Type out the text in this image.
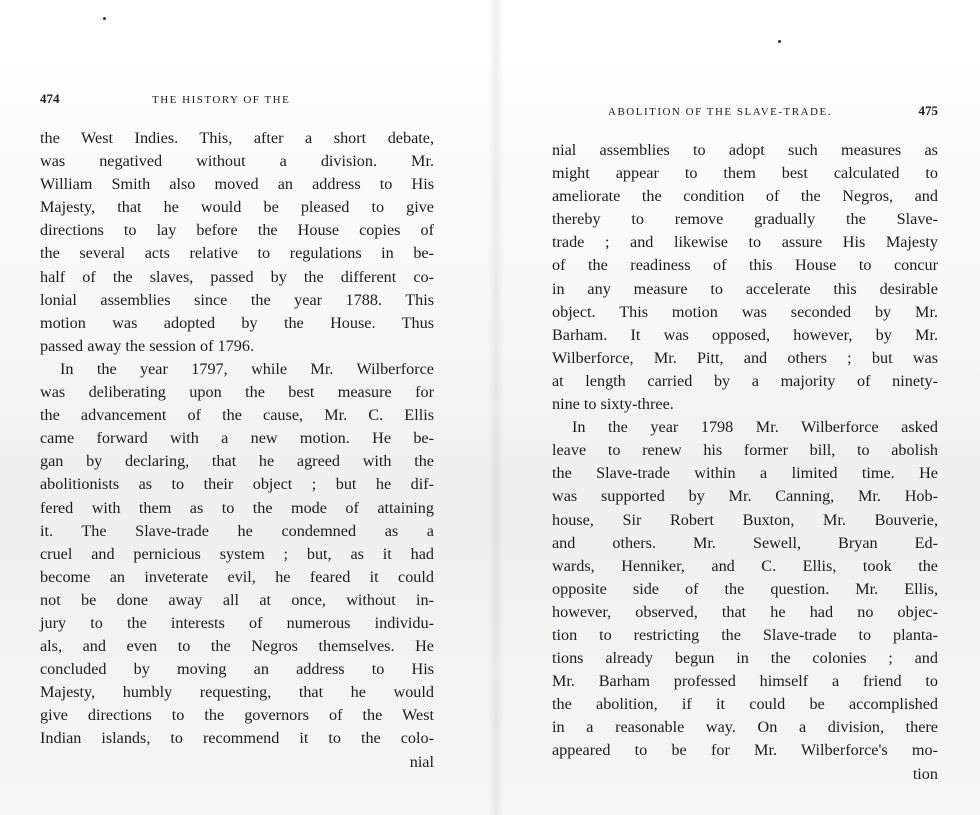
474	THE HISTORY OF THE
the West Indies. This, after a short debate,
was negatived without a division. Mr.
William Smith also moved an address to His
Majesty, that he would be pleased to give
directions to lay before the House copies of
the several acts relative to regulations in be-
half of the slaves, passed by the different co-
lonial assemblies since the year 1788. This
motion was adopted by the House. Thus
passed away the session of 1796.
In the year 1797, while Mr. Wilberforce
was deliberating upon the best measure for
the advancement of the cause, Mr. C. Ellis
came forward with a new motion. He be-
gan by declaring, that he agreed with the
abolitionists as to their object ; but he dif-
fered with them as to the mode of attaining
it. The Slave-trade he condemned as a
cruel and pernicious system ; but, as it had
become an inveterate evil, he feared it could
not be done away all at once, without in-
jury to the interests of numerous individu-
als, and even to the Negros themselves. He
concluded by moving an address to His
Majesty, humbly requesting, that he would
give directions to the governors of the West
Indian islands, to recommend it to the colo-
nial
ABOLITION OF THE SLAVE-TRADE.	475
nial assemblies to adopt such measures as
might appear to them best calculated to
ameliorate the condition of the Negros, and
thereby to remove gradually the Slave-
trade ; and likewise to assure His Majesty
of the readiness of this House to concur
in any measure to accelerate this desirable
object. This motion was seconded by Mr.
Barham. It was opposed, however, by Mr.
Wilberforce, Mr. Pitt, and others ; but was
at length carried by a majority of ninety-
nine to sixty-three.
In the year 1798 Mr. Wilberforce asked
leave to renew his former bill, to abolish
the Slave-trade within a limited time. He
was supported by Mr. Canning, Mr. Hob-
house, Sir Robert Buxton, Mr. Bouverie,
and others. Mr. Sewell, Bryan Ed-
wards, Henniker, and C. Ellis, took the
opposite side of the question. Mr. Ellis,
however, observed, that he had no objec-
tion to restricting the Slave-trade to planta-
tions already begun in the colonies ; and
Mr. Barham professed himself a friend to
the abolition, if it could be accomplished
in a reasonable way. On a division, there
appeared to be for Mr. Wilberforce's mo-
tion
